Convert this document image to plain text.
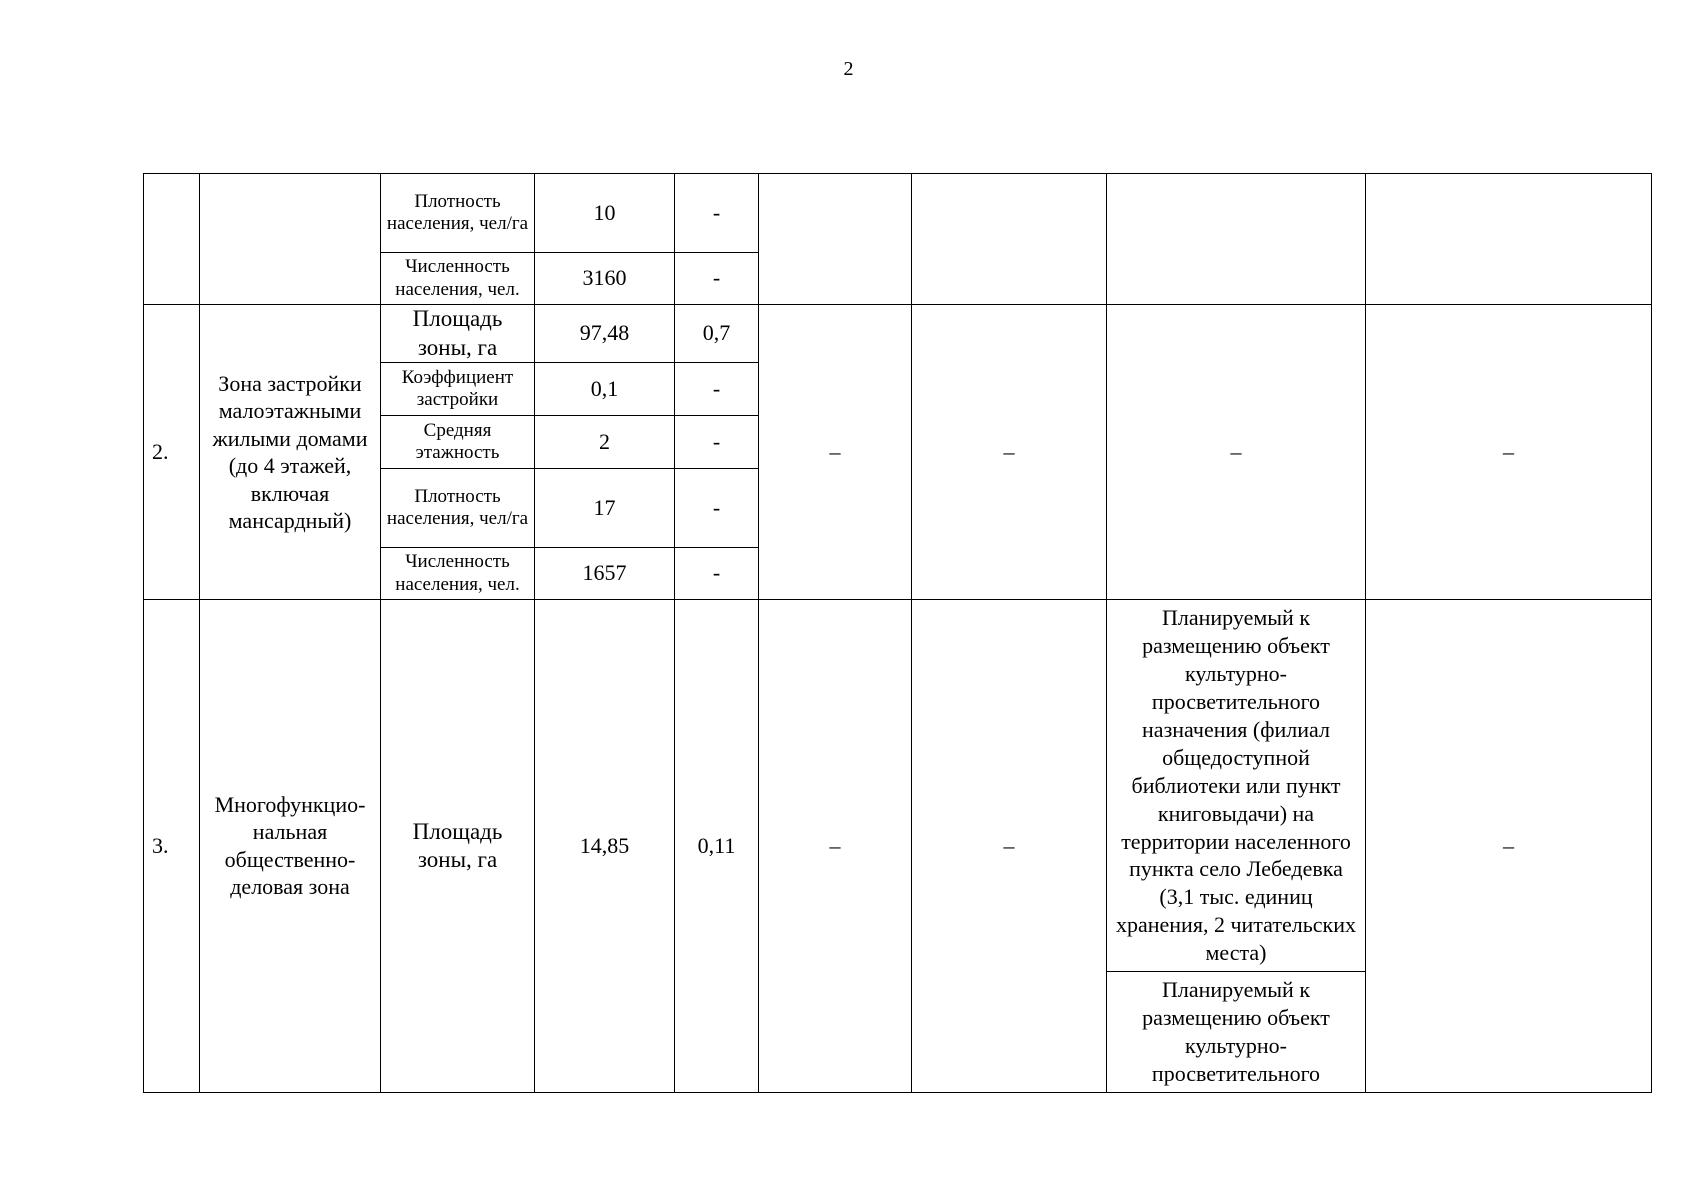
2
		Плотность населения, чел/га	10	-				
		Численность населения, чел.	3160	-				
2.	Зона застройки малоэтажными жилыми домами (до 4 этажей, включая мансардный)	Площадь зоны, га	97,48	0,7	–	–	–	–
		Коэффициент застройки	0,1	-				
		Средняя этажность	2	-				
		Плотность населения, чел/га	17	-				
		Численность населения, чел.	1657	-				
3.	Многофункцио-нальная общественно-деловая зона	Площадь зоны, га	14,85	0,11	–	–	Планируемый к размещению объект культурно-просветительного назначения (филиал общедоступной библиотеки или пункт книговыдачи) на территории населенного пункта село Лебедевка (3,1 тыс. единиц хранения, 2 читательских места)	–
							Планируемый к размещению объект культурно-просветительного	
